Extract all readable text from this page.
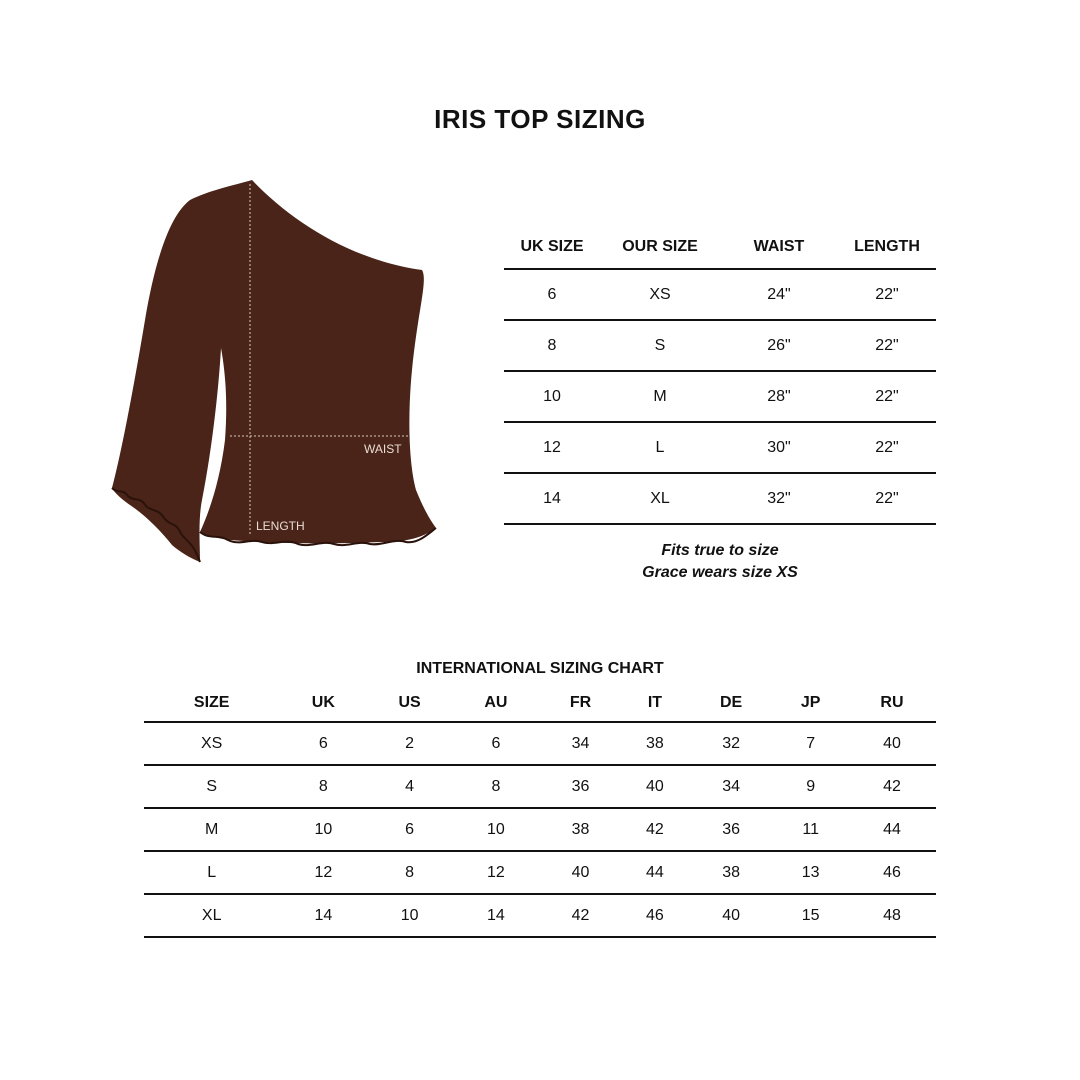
IRIS TOP SIZING
WAIST
LENGTH
UK SIZE	OUR SIZE	WAIST	LENGTH
6	XS	24"	22"
8	S	26"	22"
10	M	28"	22"
12	L	30"	22"
14	XL	32"	22"
Fits true to size
Grace wears size XS
INTERNATIONAL SIZING CHART
SIZE	UK	US	AU	FR	IT	DE	JP	RU
XS	6	2	6	34	38	32	7	40
S	8	4	8	36	40	34	9	42
M	10	6	10	38	42	36	11	44
L	12	8	12	40	44	38	13	46
XL	14	10	14	42	46	40	15	48
